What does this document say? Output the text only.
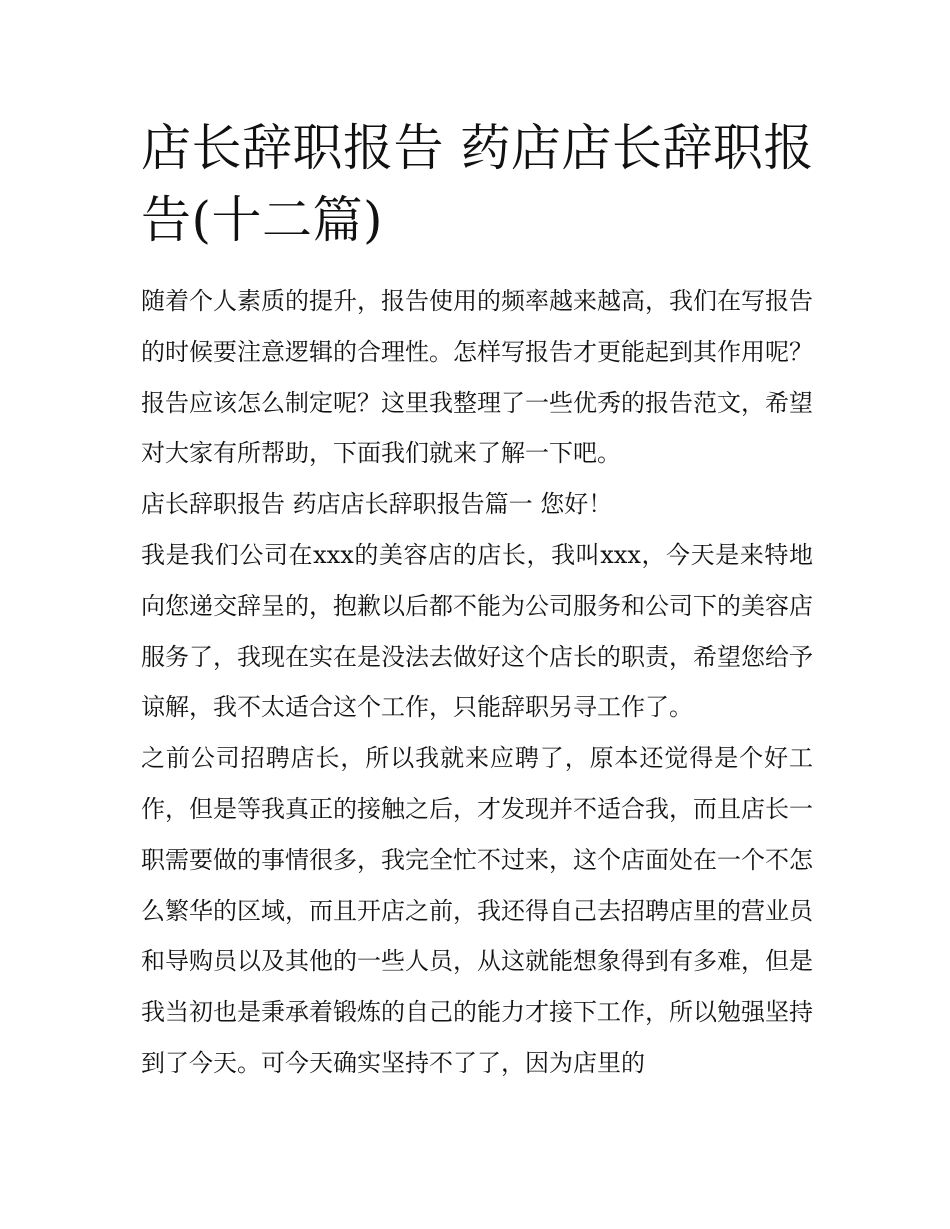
店长辞职报告 药店店长辞职报告(十二篇)

随着个人素质的提升，报告使用的频率越来越高，我们在写报告的时候要注意逻辑的合理性。怎样写报告才更能起到其作用呢？报告应该怎么制定呢？这里我整理了一些优秀的报告范文，希望对大家有所帮助，下面我们就来了解一下吧。

店长辞职报告 药店店长辞职报告篇一 您好！

我是我们公司在xxx的美容店的店长，我叫xxx，今天是来特地向您递交辞呈的，抱歉以后都不能为公司服务和公司下的美容店服务了，我现在实在是没法去做好这个店长的职责，希望您给予谅解，我不太适合这个工作，只能辞职另寻工作了。

之前公司招聘店长，所以我就来应聘了，原本还觉得是个好工作，但是等我真正的接触之后，才发现并不适合我，而且店长一职需要做的事情很多，我完全忙不过来，这个店面处在一个不怎么繁华的区域，而且开店之前，我还得自己去招聘店里的营业员和导购员以及其他的一些人员，从这就能想象得到有多难，但是我当初也是秉承着锻炼的自己的能力才接下工作，所以勉强坚持到了今天。可今天确实坚持不了了，因为店里的
